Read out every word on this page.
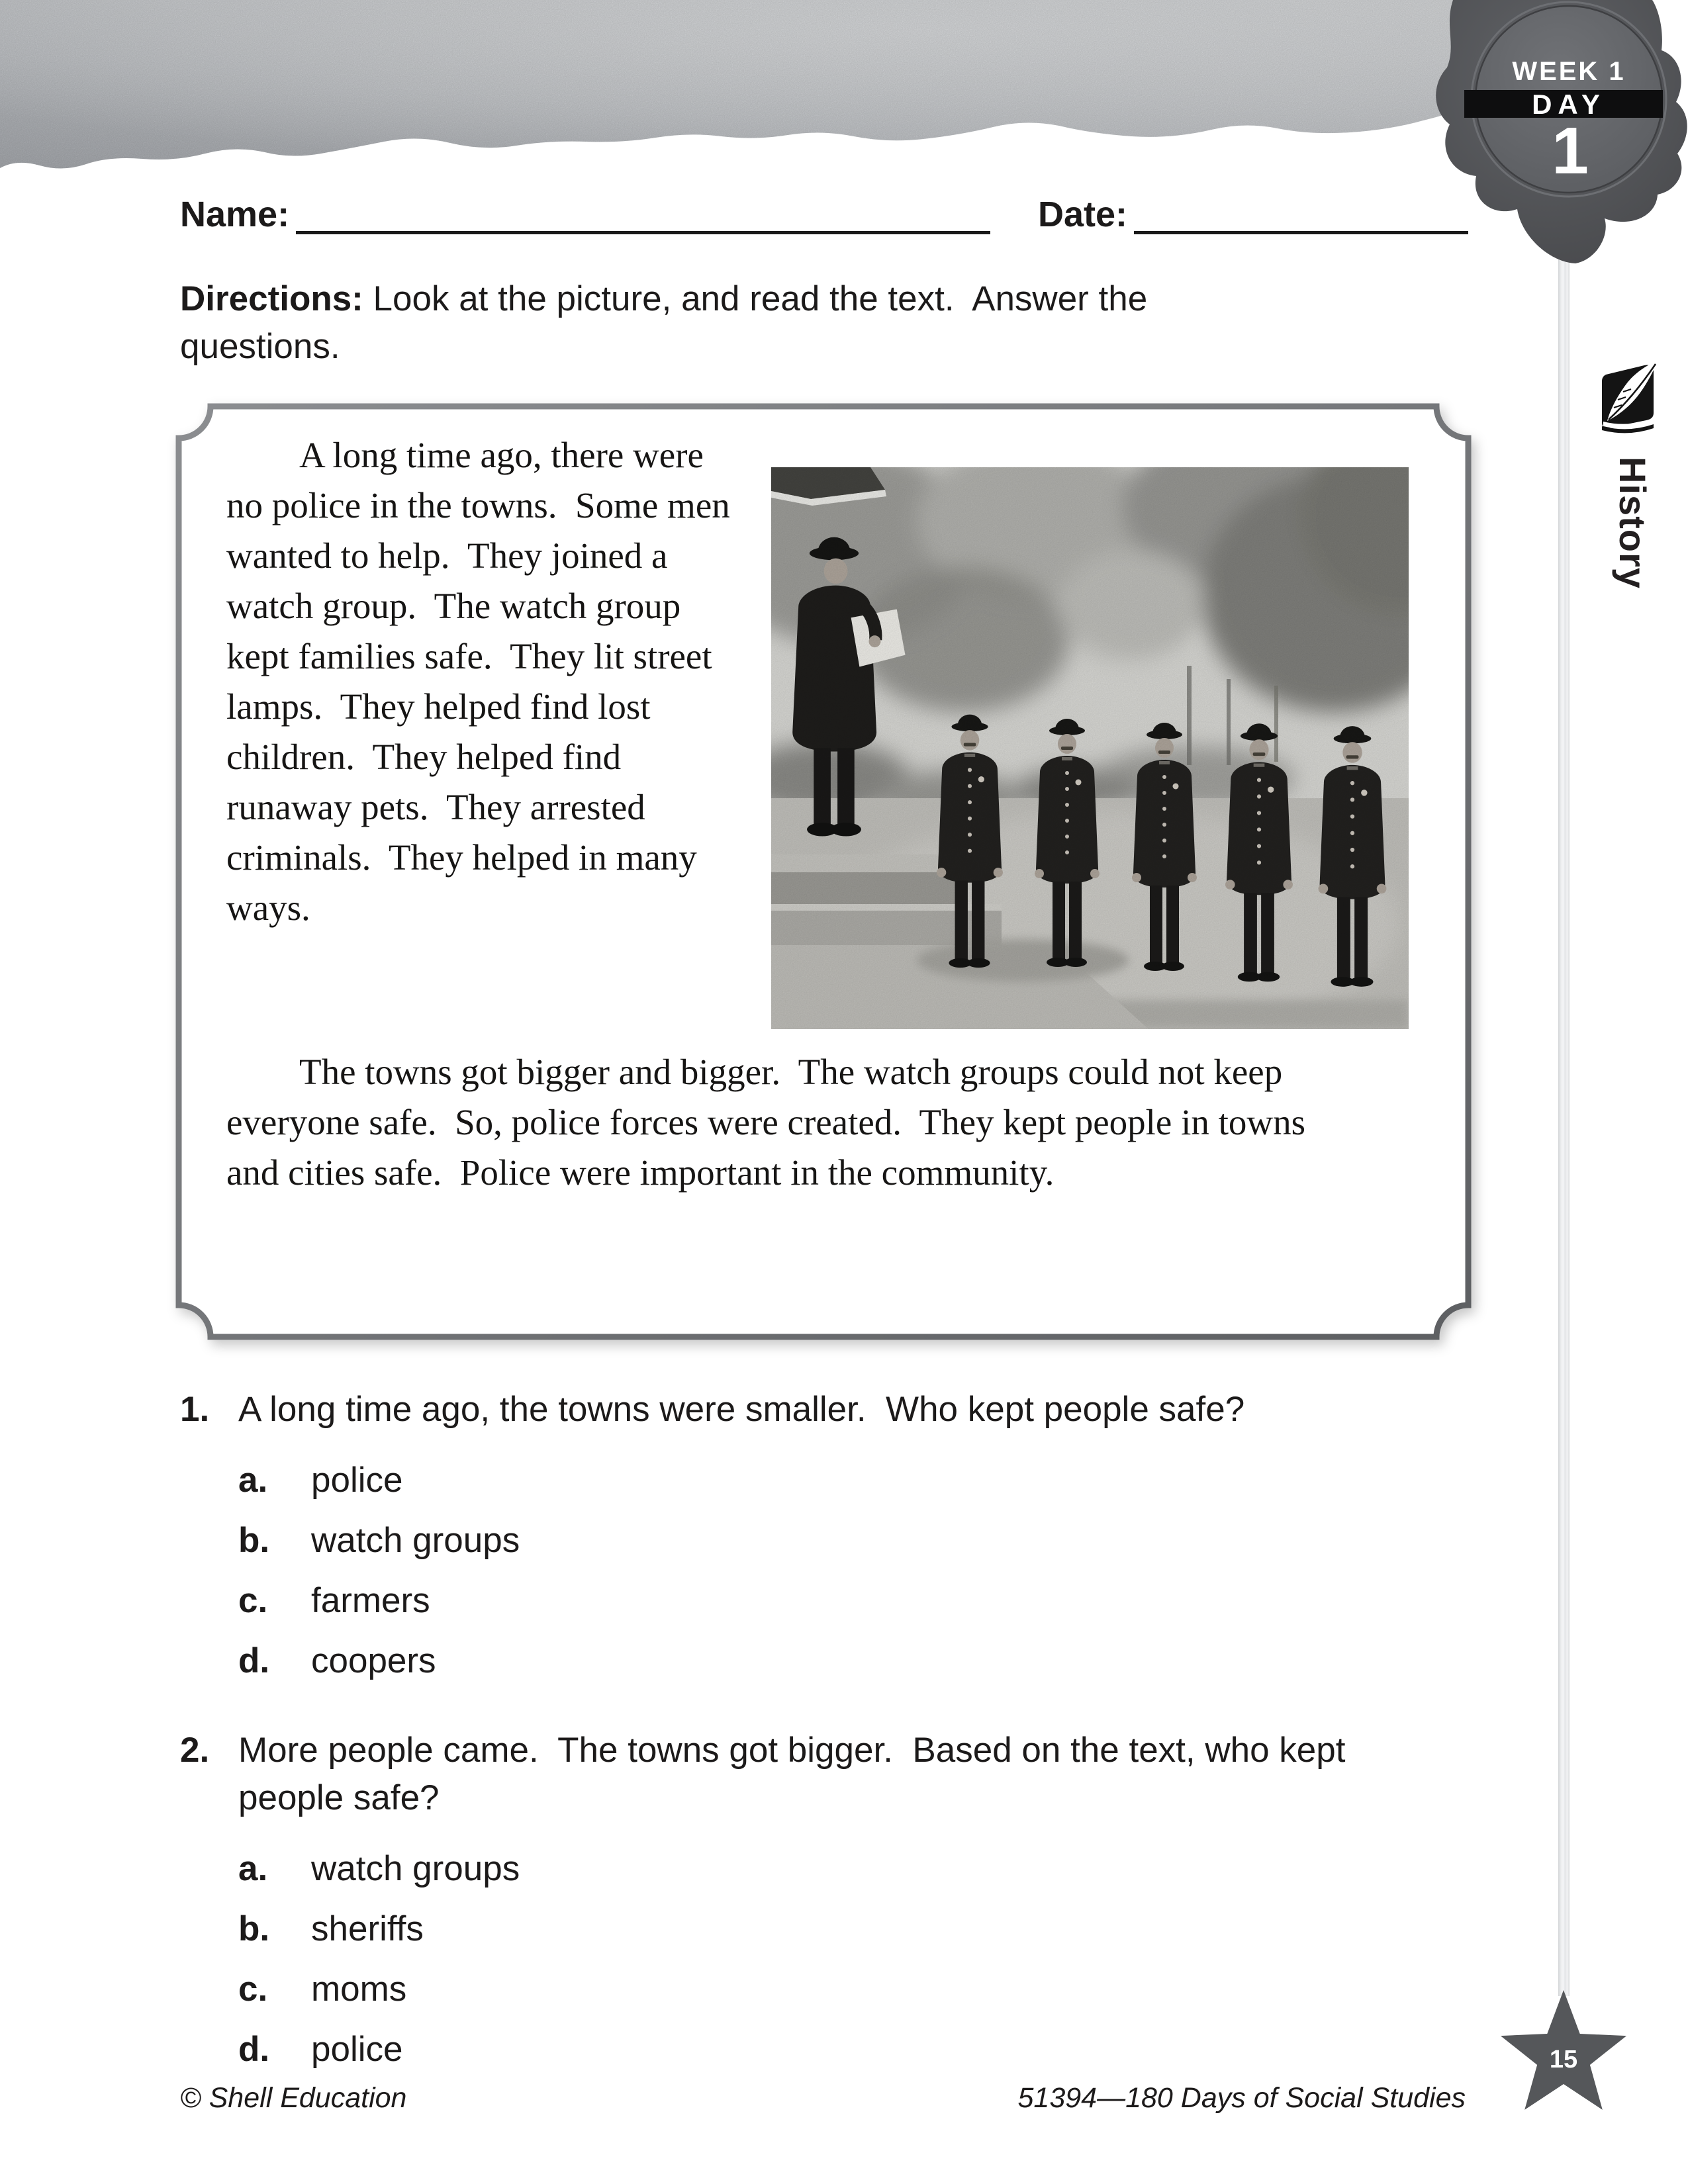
WEEK 1
DAY
1
History
Name:	Date:
Directions: Look at the picture, and read the text.  Answer the questions.
A long time ago, there were no police in the towns.  Some men wanted to help.  They joined a watch group.  The watch group kept families safe.  They lit street lamps.  They helped find lost children.  They helped find runaway pets.  They arrested criminals.  They helped in many ways.
The towns got bigger and bigger.  The watch groups could not keep everyone safe.  So, police forces were created.  They kept people in towns and cities safe.  Police were important in the community.
1. A long time ago, the towns were smaller.  Who kept people safe?
a.	police
b.	watch groups
c.	farmers
d.	coopers
2. More people came.  The towns got bigger.  Based on the text, who kept people safe?
a.	watch groups
b.	sheriffs
c.	moms
d.	police	15
© Shell Education	51394—180 Days of Social Studies
